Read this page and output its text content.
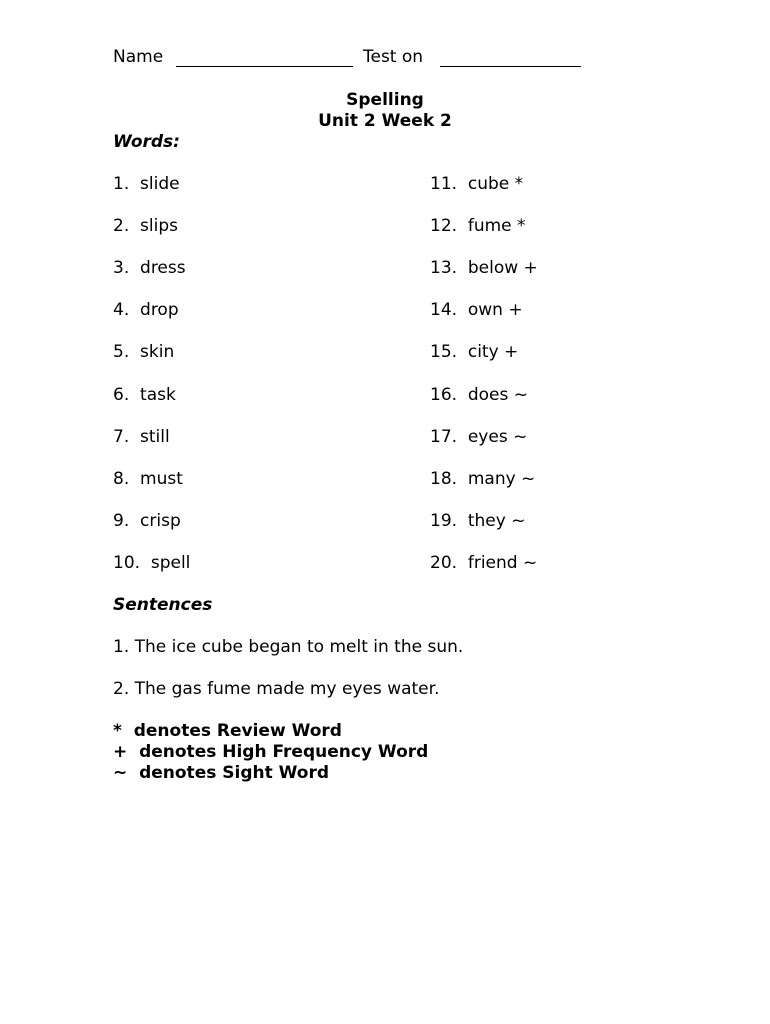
Name	Test on
Spelling
Unit 2 Week 2
Words:
1.  slide
2.  slips
3.  dress
4.  drop
5.  skin
6.  task
7.  still
8.  must
9.  crisp
10.  spell
11.  cube *
12.  fume *
13.  below +
14.  own +
15.  city +
16.  does ~
17.  eyes ~
18.  many ~
19.  they ~
20.  friend ~
Sentences
1. The ice cube began to melt in the sun.
2. The gas fume made my eyes water.
*  denotes Review Word
+  denotes High Frequency Word
~  denotes Sight Word
